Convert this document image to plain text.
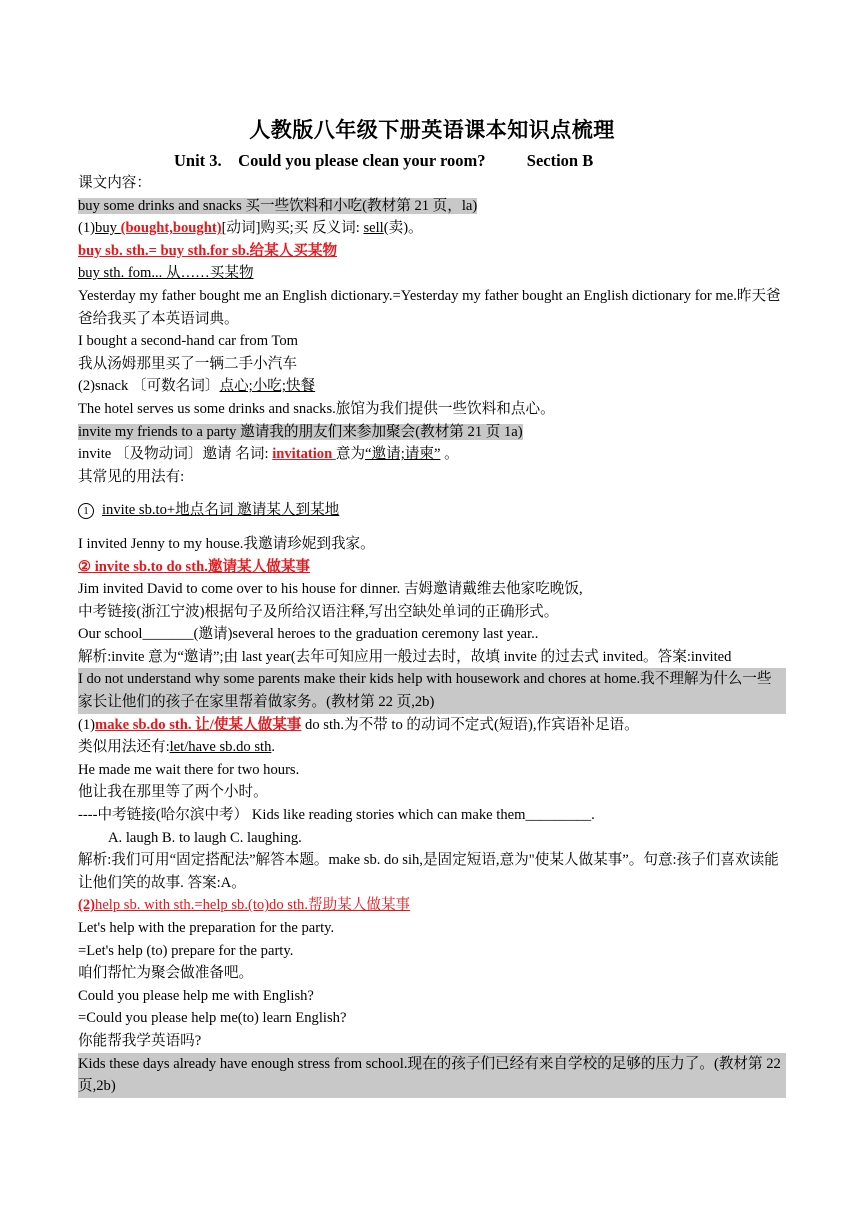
人教版八年级下册英语课本知识点梳理
Unit 3.    Could you please clean your room?          Section B
课文内容：
buy some drinks and snacks 买一些饮料和小吃(教材第 21 页，la)
(1)buy (bought,bought)[动词]购买;买 反义词: sell(卖)。
buy sb. sth.= buy sth.for sb.给某人买某物
buy sth. fom... 从……买某物
Yesterday my father bought me an English dictionary.=Yesterday my father bought an English dictionary for me.昨天爸爸给我买了本英语词典。
I bought a second-hand car from Tom
我从汤姆那里买了一辆二手小汽车
(2)snack 〔可数名词〕点心;小吃;快餐
The hotel serves us some drinks and snacks.旅馆为我们提供一些饮料和点心。
invite my friends to a party 邀请我的朋友们来参加聚会(教材第 21 页 1a)
invite 〔及物动词〕邀请 名词: invitation 意为“邀请;请柬” 。
其常见的用法有:
1 invite sb.to+地点名词 邀请某人到某地
I invited Jenny to my house.我邀请珍妮到我家。
② invite sb.to do sth.邀请某人做某事
Jim invited David to come over to his house for dinner. 吉姆邀请戴维去他家吃晚饭,
中考链接(浙江宁波)根据句子及所给汉语注释,写出空缺处单词的正确形式。
Our school_______(邀请)several heroes to the graduation ceremony last year..
解析:invite 意为“邀请”;由 last year(去年可知应用一般过去时，故填 invite 的过去式 invited。答案:invited
I do not understand why some parents make their kids help with housework and chores at home.我不理解为什么一些家长让他们的孩子在家里帮着做家务。(教材第 22 页,2b)
(1)make sb.do sth. 让/使某人做某事 do sth.为不带 to 的动词不定式(短语),作宾语补足语。
类似用法还有:let/have sb.do sth.
He made me wait there for two hours.
他让我在那里等了两个小时。
----中考链接(哈尔滨中考） Kids like reading stories which can make them_________.
A. laugh B. to laugh C. laughing.
解析:我们可用“固定搭配法”解答本题。make sb. do sih,是固定短语,意为"使某人做某事”。句意:孩子们喜欢读能让他们笑的故事. 答案:A。
(2)help sb. with sth.=help sb.(to)do sth.帮助某人做某事
Let's help with the preparation for the party.
=Let's help (to) prepare for the party.
咱们帮忙为聚会做准备吧。
Could you please help me with English?
=Could you please help me(to) learn English?
你能帮我学英语吗?
Kids these days already have enough stress from school.现在的孩子们已经有来自学校的足够的压力了。(教材第 22 页,2b)
